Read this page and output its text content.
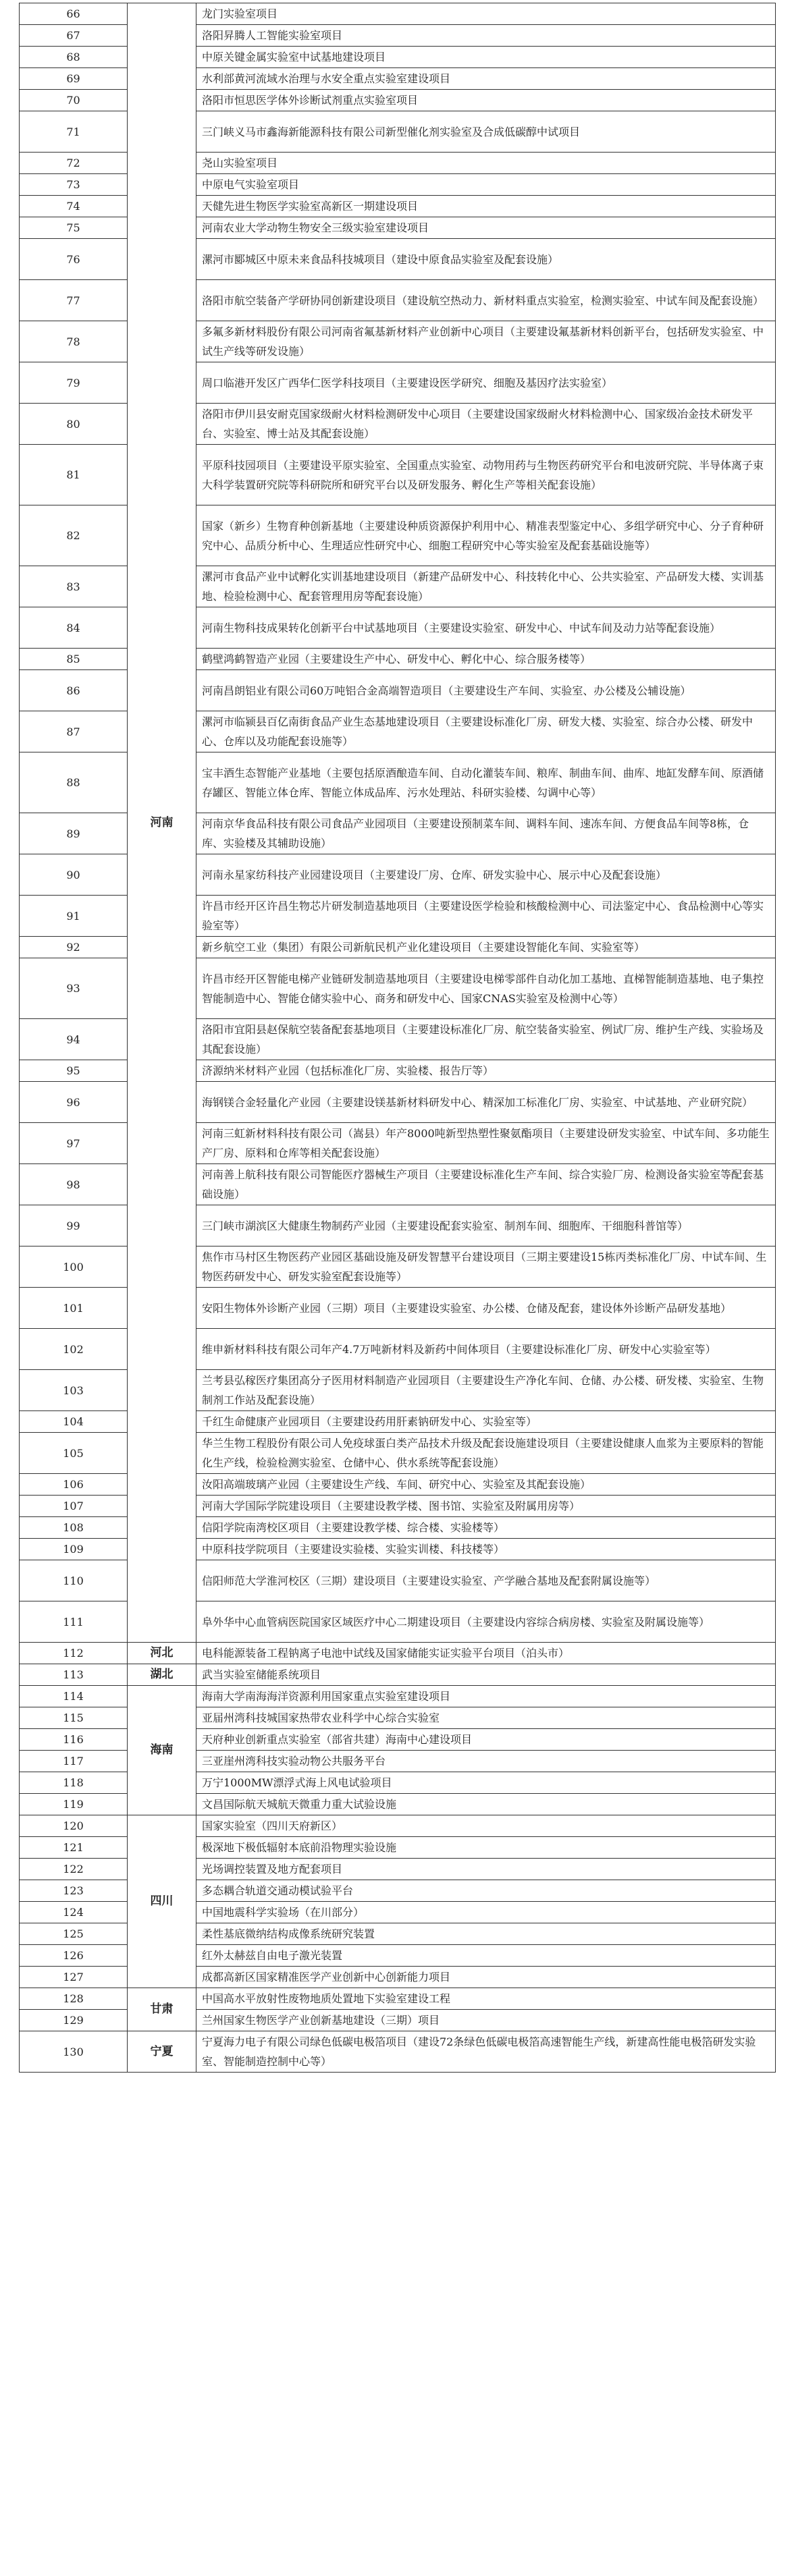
66	河南	龙门实验室项目
67		洛阳昇腾人工智能实验室项目
68		中原关键金属实验室中试基地建设项目
69		水利部黄河流域水治理与水安全重点实验室建设项目
70		洛阳市恒思医学体外诊断试剂重点实验室项目
71		三门峡义马市鑫海新能源科技有限公司新型催化剂实验室及合成低碳醇中试项目
72		尧山实验室项目
73		中原电气实验室项目
74		天健先进生物医学实验室高新区一期建设项目
75		河南农业大学动物生物安全三级实验室建设项目
76		漯河市郾城区中原未来食品科技城项目（建设中原食品实验室及配套设施）
77		洛阳市航空装备产学研协同创新建设项目（建设航空热动力、新材料重点实验室，检测实验室、中试车间及配套设施）
78		多氟多新材料股份有限公司河南省氟基新材料产业创新中心项目（主要建设氟基新材料创新平台，包括研发实验室、中试生产线等研发设施）
79		周口临港开发区广西华仁医学科技项目（主要建设医学研究、细胞及基因疗法实验室）
80		洛阳市伊川县安耐克国家级耐火材料检测研发中心项目（主要建设国家级耐火材料检测中心、国家级冶金技术研发平台、实验室、博士站及其配套设施）
81		平原科技园项目（主要建设平原实验室、全国重点实验室、动物用药与生物医药研究平台和电波研究院、半导体离子束大科学装置研究院等科研院所和研究平台以及研发服务、孵化生产等相关配套设施）
82		国家（新乡）生物育种创新基地（主要建设种质资源保护利用中心、精准表型鉴定中心、多组学研究中心、分子育种研究中心、品质分析中心、生理适应性研究中心、细胞工程研究中心等实验室及配套基础设施等）
83		漯河市食品产业中试孵化实训基地建设项目（新建产品研发中心、科技转化中心、公共实验室、产品研发大楼、实训基地、检验检测中心、配套管理用房等配套设施）
84		河南生物科技成果转化创新平台中试基地项目（主要建设实验室、研发中心、中试车间及动力站等配套设施）
85		鹤壁鸿鹤智造产业园（主要建设生产中心、研发中心、孵化中心、综合服务楼等）
86		河南昌朗铝业有限公司60万吨铝合金高端智造项目（主要建设生产车间、实验室、办公楼及公辅设施）
87		漯河市临颍县百亿南街食品产业生态基地建设项目（主要建设标准化厂房、研发大楼、实验室、综合办公楼、研发中心、仓库以及功能配套设施等）
88		宝丰酒生态智能产业基地（主要包括原酒酿造车间、自动化灌装车间、粮库、制曲车间、曲库、地缸发酵车间、原酒储存罐区、智能立体仓库、智能立体成品库、污水处理站、科研实验楼、勾调中心等）
89		河南京华食品科技有限公司食品产业园项目（主要建设预制菜车间、调料车间、速冻车间、方便食品车间等8栋，仓库、实验楼及其辅助设施）
90		河南永星家纺科技产业园建设项目（主要建设厂房、仓库、研发实验中心、展示中心及配套设施）
91		许昌市经开区许昌生物芯片研发制造基地项目（主要建设医学检验和核酸检测中心、司法鉴定中心、食品检测中心等实验室等）
92		新乡航空工业（集团）有限公司新航民机产业化建设项目（主要建设智能化车间、实验室等）
93		许昌市经开区智能电梯产业链研发制造基地项目（主要建设电梯零部件自动化加工基地、直梯智能制造基地、电子集控智能制造中心、智能仓储实验中心、商务和研发中心、国家CNAS实验室及检测中心等）
94		洛阳市宜阳县赵保航空装备配套基地项目（主要建设标准化厂房、航空装备实验室、例试厂房、维护生产线、实验场及其配套设施）
95		济源纳米材料产业园（包括标准化厂房、实验楼、报告厅等）
96		海钢镁合金轻量化产业园（主要建设镁基新材料研发中心、精深加工标准化厂房、实验室、中试基地、产业研究院）
97		河南三虹新材料科技有限公司（嵩县）年产8000吨新型热塑性聚氨酯项目（主要建设研发实验室、中试车间、多功能生产厂房、原料和仓库等相关配套设施）
98		河南善上航科技有限公司智能医疗器械生产项目（主要建设标准化生产车间、综合实验厂房、检测设备实验室等配套基础设施）
99		三门峡市湖滨区大健康生物制药产业园（主要建设配套实验室、制剂车间、细胞库、干细胞科普馆等）
100		焦作市马村区生物医药产业园区基础设施及研发智慧平台建设项目（三期主要建设15栋丙类标准化厂房、中试车间、生物医药研发中心、研发实验室配套设施等）
101		安阳生物体外诊断产业园（三期）项目（主要建设实验室、办公楼、仓储及配套，建设体外诊断产品研发基地）
102		维申新材料科技有限公司年产4.7万吨新材料及新药中间体项目（主要建设标准化厂房、研发中心实验室等）
103		兰考县弘稼医疗集团高分子医用材料制造产业园项目（主要建设生产净化车间、仓储、办公楼、研发楼、实验室、生物制剂工作站及配套设施）
104		千红生命健康产业园项目（主要建设药用肝素钠研发中心、实验室等）
105		华兰生物工程股份有限公司人免疫球蛋白类产品技术升级及配套设施建设项目（主要建设健康人血浆为主要原料的智能化生产线，检验检测实验室、仓储中心、供水系统等配套设施）
106		汝阳高端玻璃产业园（主要建设生产线、车间、研究中心、实验室及其配套设施）
107		河南大学国际学院建设项目（主要建设教学楼、图书馆、实验室及附属用房等）
108		信阳学院南湾校区项目（主要建设教学楼、综合楼、实验楼等）
109		中原科技学院项目（主要建设实验楼、实验实训楼、科技楼等）
110		信阳师范大学淮河校区（三期）建设项目（主要建设实验室、产学融合基地及配套附属设施等）
111		阜外华中心血管病医院国家区域医疗中心二期建设项目（主要建设内容综合病房楼、实验室及附属设施等）
112	河北	电科能源装备工程钠离子电池中试线及国家储能实证实验平台项目（泊头市）
113	湖北	武当实验室储能系统项目
114	海南	海南大学南海海洋资源利用国家重点实验室建设项目
115		亚届州湾科技城国家热带农业科学中心综合实验室
116		天府种业创新重点实验室（部省共建）海南中心建设项目
117		三亚崖州湾科技实验动物公共服务平台
118		万宁1000MW漂浮式海上风电试验项目
119		文昌国际航天城航天微重力重大试验设施
120	四川	国家实验室（四川天府新区）
121		极深地下极低辐射本底前沿物理实验设施
122		光场调控装置及地方配套项目
123		多态耦合轨道交通动模试验平台
124		中国地震科学实验场（在川部分）
125		柔性基底微纳结构成像系统研究装置
126		红外太赫兹自由电子激光装置
127		成都高新区国家精准医学产业创新中心创新能力项目
128	甘肃	中国高水平放射性废物地质处置地下实验室建设工程
129		兰州国家生物医学产业创新基地建设（三期）项目
130	宁夏	宁夏海力电子有限公司绿色低碳电极箔项目（建设72条绿色低碳电极箔高速智能生产线，新建高性能电极箔研发实验室、智能制造控制中心等）
